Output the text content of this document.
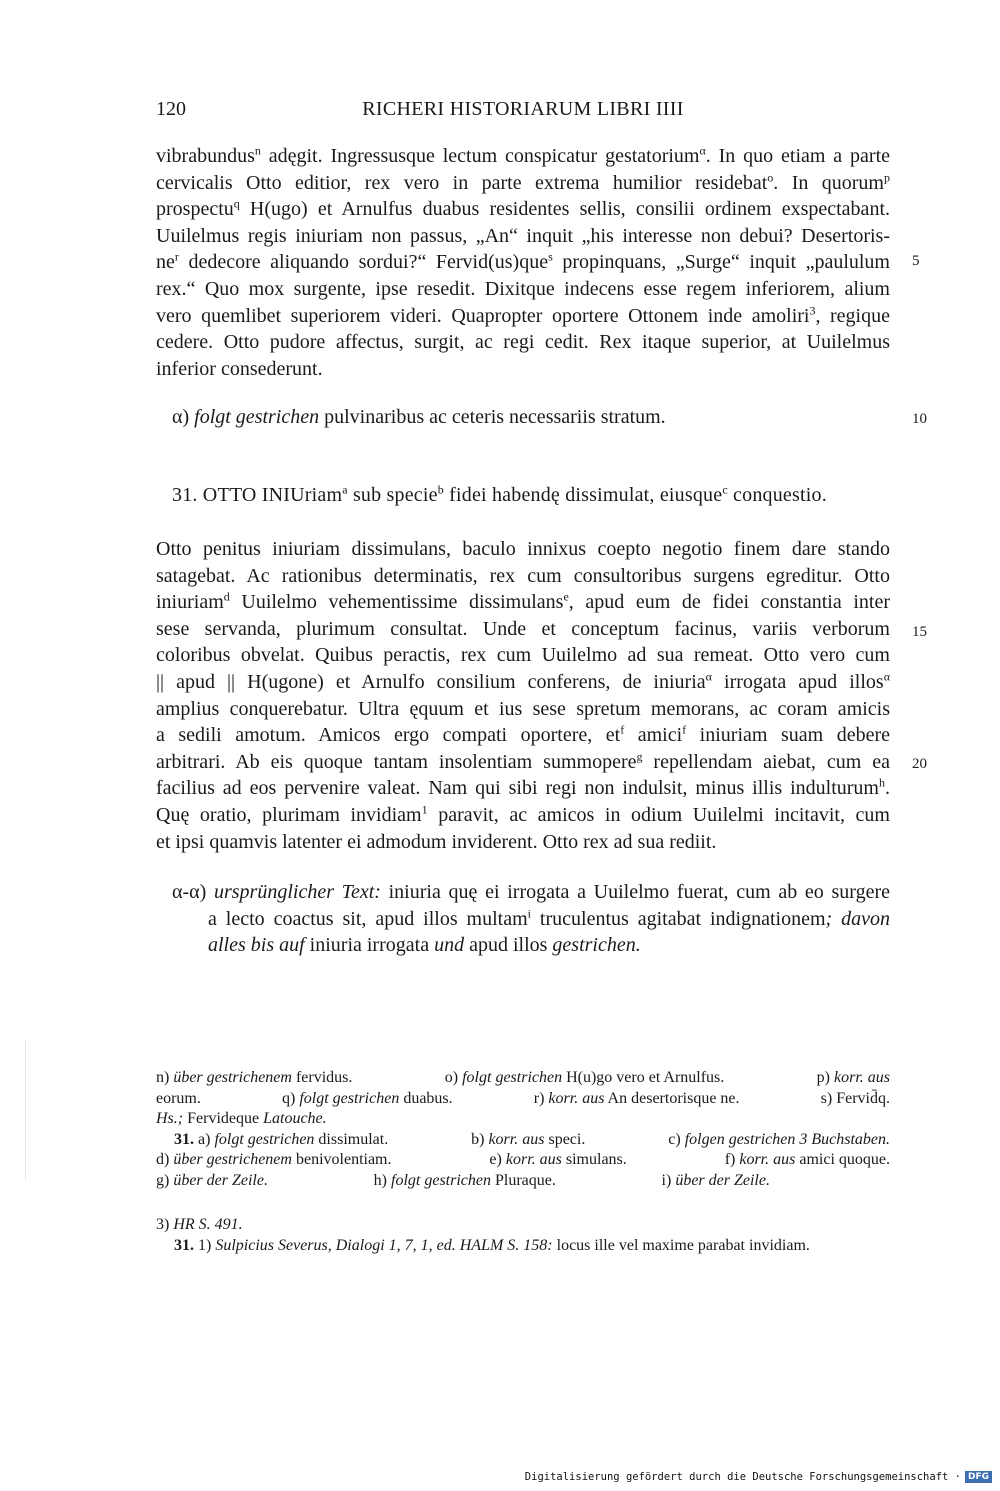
120	RICHERI HISTORIARUM LIBRI IIII
vibrabundus$^n$ adęgit. Ingressusque lectum conspicatur gestatorium$^\alpha$. In quo etiam a parte
cervicalis Otto editior, rex vero in parte extrema humilior residebat$^o$. In quorum$^p$
prospectu$^q$ H(ugo) et Arnulfus duabus residentes sellis, consilii ordinem exspectabant.
Uuilelmus regis iniuriam non passus, „An“ inquit „his interesse non debui? Desertoris-
$ne^r$ dedecore aliquando sordui?“ Fervid(us)que$^s$ propinquans, „Surge“ inquit „paululum
rex.“ Quo mox surgente, ipse resedit. Dixitque indecens esse regem inferiorem, alium
vero quemlibet superiorem videri. Quapropter oportere Ottonem inde amoliri$^3$, regique
cedere. Otto pudore affectus, surgit, ac regi cedit. Rex itaque superior, at Uuilelmus
inferior consederunt.
5
10
15
20
α) folgt gestrichen pulvinaribus ac ceteris necessariis stratum.
31. OTTO INIUriam$^a$ sub specie$^b$ fidei habendę dissimulat, eiusque$^c$ conquestio.
Otto penitus iniuriam dissimulans, baculo innixus coepto negotio finem dare stando
satagebat. Ac rationibus determinatis, rex cum consultoribus surgens egreditur. Otto
iniuriam$^d$ Uuilelmo vehementissime dissimulans$^e$, apud eum de fidei constantia inter
sese servanda, plurimum consultat. Unde et conceptum facinus, variis verborum
coloribus obvelat. Quibus peractis, rex cum Uuilelmo ad sua remeat. Otto vero cum
|| apud || H(ugone) et Arnulfo consilium conferens, de iniuria$^\alpha$ irrogata apud illos$^\alpha$
amplius conquerebatur. Ultra ęquum et ius sese spretum memorans, ac coram amicis
a sedili amotum. Amicos ergo compati oportere, $et^f$ amici$^f$ iniuriam suam debere
arbitrari. Ab eis quoque tantam insolentiam summopere$^g$ repellendam aiebat, cum ea
facilius ad eos pervenire valeat. Nam qui sibi regi non indulsit, minus illis indulturum$^h$.
Quę oratio, plurimam invidiam$^1$ paravit, ac amicos in odium Uuilelmi incitavit, cum
et ipsi quamvis latenter ei admodum inviderent. Otto rex ad sua rediit.
α-α) ursprünglicher Text: iniuria quę ei irrogata a Uuilelmo fuerat, cum ab eo surgere
a lecto coactus sit, apud illos multam$^i$ truculentus agitabat indignationem; davon
alles bis auf iniuria irrogata und apud illos gestrichen.
n) über gestrichenem fervidus.	o) folgt gestrichen H(u)go vero et Arnulfus.	p) korr. aus
eorum.	q) folgt gestrichen duabus.	r) korr. aus An desertorisque ne.	s) Fervid̄q.
Hs.; Fervideque Latouche.
31. a) folgt gestrichen dissimulat.	b) korr. aus speci.	c) folgen gestrichen 3 Buchstaben.
d) über gestrichenem benivolentiam.	e) korr. aus simulans.	f) korr. aus amici quoque.
g) über der Zeile.	h) folgt gestrichen Pluraque.	i) über der Zeile.
3) HR S. 491.
31. 1) Sulpicius Severus, Dialogi 1, 7, 1, ed. HALM S. 158: locus ille vel maxime parabat invidiam.
Digitalisierung gefördert durch die Deutsche Forschungsgemeinschaft · DFG
